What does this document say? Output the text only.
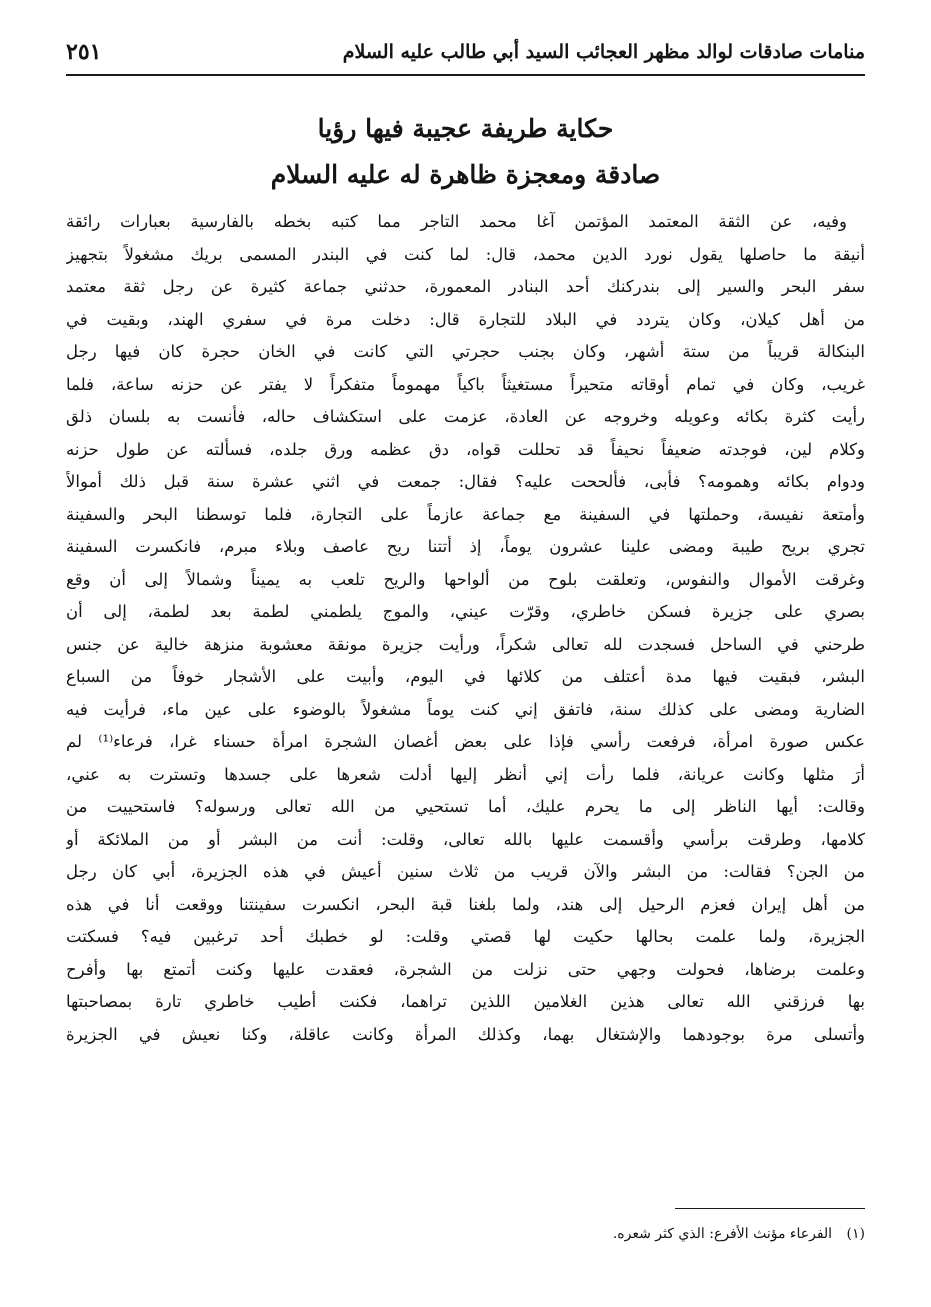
منامات صادقات لوالد مظهر العجائب السيد أبي طالب عليه السلام
٢٥١
حكاية طريفة عجيبة فيها رؤيا
صادقة ومعجزة ظاهرة له عليه السلام
وفيه، عن الثقة المعتمد المؤتمن آغا محمد التاجر مما كتبه بخطه بالفارسية بعبارات رائقة
أنيقة ما حاصلها يقول نورد الدين محمد، قال: لما كنت في البندر المسمى بريك مشغولاً بتجهيز
سفر البحر والسير إلى بندركنك أحد البنادر المعمورة، حدثني جماعة كثيرة عن رجل ثقة معتمد
من أهل كيلان، وكان يتردد في البلاد للتجارة قال: دخلت مرة في سفري الهند، وبقيت في
البنكالة قريباً من ستة أشهر، وكان بجنب حجرتي التي كانت في الخان حجرة كان فيها رجل
غريب، وكان في تمام أوقاته متحيراً مستغيثاً باكياً مهموماً متفكراً لا يفتر عن حزنه ساعة، فلما
رأيت كثرة بكائه وعويله وخروجه عن العادة، عزمت على استكشاف حاله، فأنست به بلسان ذلق
وكلام لين، فوجدته ضعيفاً نحيفاً قد تحللت قواه، دق عظمه ورق جلده، فسألته عن طول حزنه
ودوام بكائه وهمومه؟ فأبى، فألححت عليه؟ فقال: جمعت في اثني عشرة سنة قبل ذلك أموالاً
وأمتعة نفيسة، وحملتها في السفينة مع جماعة عازماً على التجارة، فلما توسطنا البحر والسفينة
تجري بريح طيبة ومضى علينا عشرون يوماً، إذ أتتنا ريح عاصف وبلاء مبرم، فانكسرت السفينة
وغرقت الأموال والنفوس، وتعلقت بلوح من ألواحها والريح تلعب به يميناً وشمالاً إلى أن وقع
بصري على جزيرة فسكن خاطري، وقرّت عيني، والموج يلطمني لطمة بعد لطمة، إلى أن
طرحني في الساحل فسجدت لله تعالى شكراً، ورأيت جزيرة مونقة معشوبة منزهة خالية عن جنس
البشر، فبقيت فيها مدة أعتلف من كلائها في اليوم، وأبيت على الأشجار خوفاً من السباع
الضارية ومضى على كذلك سنة، فاتفق إني كنت يوماً مشغولاً بالوضوء على عين ماء، فرأيت فيه
عكس صورة امرأة، فرفعت رأسي فإذا على بعض أغصان الشجرة امرأة حسناء غرا، فرعاء⁽¹⁾ لم
أرَ مثلها وكانت عريانة، فلما رأت إني أنظر إليها أدلت شعرها على جسدها وتسترت به عني،
وقالت: أيها الناظر إلى ما يحرم عليك، أما تستحيي من الله تعالى ورسوله؟ فاستحييت من
كلامها، وطرقت برأسي وأقسمت عليها بالله تعالى، وقلت: أنت من البشر أو من الملائكة أو
من الجن؟ فقالت: من البشر والآن قريب من ثلاث سنين أعيش في هذه الجزيرة، أبي كان رجل
من أهل إيران فعزم الرحيل إلى هند، ولما بلغنا قبة البحر، انكسرت سفينتنا ووقعت أنا في هذه
الجزيرة، ولما علمت بحالها حكيت لها قصتي وقلت: لو خطبك أحد ترغبين فيه؟ فسكتت
وعلمت برضاها، فحولت وجهي حتى نزلت من الشجرة، فعقدت عليها وكنت أتمتع بها وأفرح
بها فرزقني الله تعالى هذين الغلامين اللذين تراهما، فكنت أطيب خاطري تارة بمصاحبتها
وأتسلى مرة بوجودهما والإشتغال بهما، وكذلك المرأة وكانت عاقلة، وكنا نعيش في الجزيرة
(١) الفرعاء مؤنث الأفرع: الذي كثر شعره.
